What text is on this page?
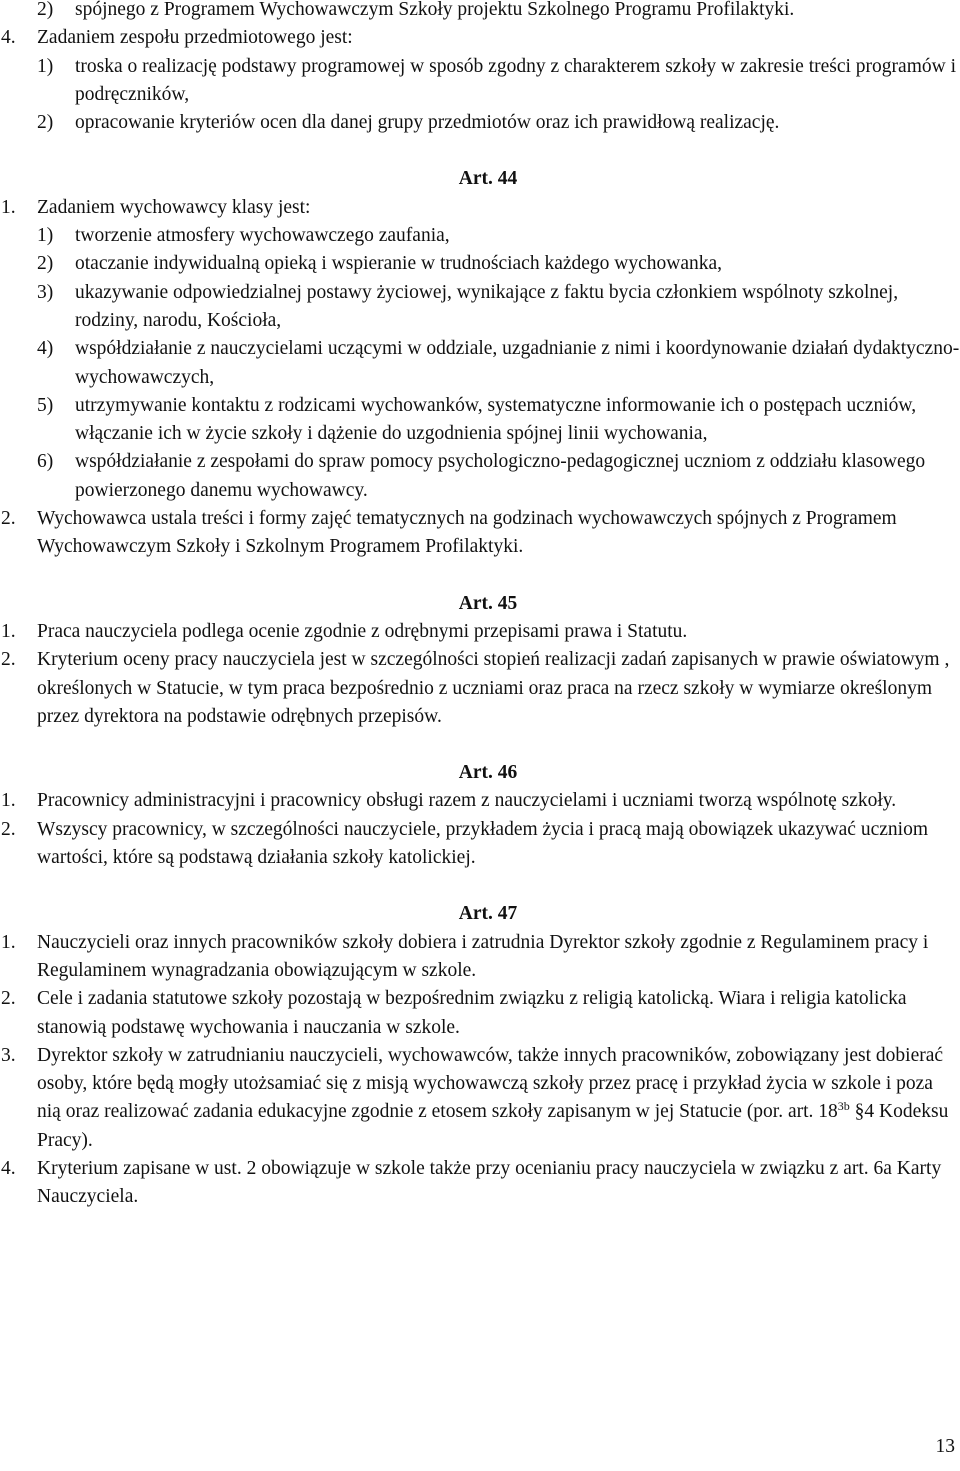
2) spójnego z Programem Wychowawczym Szkoły projektu Szkolnego Programu Profilaktyki.
4. Zadaniem zespołu przedmiotowego jest:
1) troska o realizację podstawy programowej w sposób zgodny z charakterem szkoły w zakresie treści programów i podręczników,
2) opracowanie kryteriów ocen dla danej grupy przedmiotów oraz ich prawidłową realizację.
Art. 44
1. Zadaniem wychowawcy klasy jest:
1) tworzenie atmosfery wychowawczego zaufania,
2) otaczanie indywidualną opieką i wspieranie w trudnościach każdego wychowanka,
3) ukazywanie odpowiedzialnej postawy życiowej, wynikające z faktu bycia członkiem wspólnoty szkolnej, rodziny, narodu, Kościoła,
4) współdziałanie z nauczycielami uczącymi w oddziale, uzgadnianie z nimi i koordynowanie działań dydaktyczno-wychowawczych,
5) utrzymywanie kontaktu z rodzicami wychowanków, systematyczne informowanie ich o postępach uczniów, włączanie ich w życie szkoły i dążenie do uzgodnienia spójnej linii wychowania,
6) współdziałanie z zespołami do spraw pomocy psychologiczno-pedagogicznej uczniom z oddziału klasowego powierzonego danemu wychowawcy.
2. Wychowawca ustala treści i formy zajęć tematycznych na godzinach wychowawczych spójnych z Programem Wychowawczym Szkoły i Szkolnym Programem Profilaktyki.
Art. 45
1. Praca nauczyciela podlega ocenie zgodnie z odrębnymi przepisami prawa i Statutu.
2. Kryterium oceny pracy nauczyciela jest w szczególności stopień realizacji zadań zapisanych w prawie oświatowym , określonych w Statucie, w tym praca bezpośrednio z uczniami oraz praca na rzecz szkoły w wymiarze określonym przez dyrektora na podstawie odrębnych przepisów.
Art. 46
1. Pracownicy administracyjni i pracownicy obsługi razem z nauczycielami i uczniami tworzą wspólnotę szkoły.
2. Wszyscy pracownicy, w szczególności nauczyciele, przykładem życia i pracą mają obowiązek ukazywać uczniom wartości, które są podstawą działania szkoły katolickiej.
Art. 47
1. Nauczycieli oraz innych pracowników szkoły dobiera i zatrudnia Dyrektor szkoły zgodnie z Regulaminem pracy i Regulaminem wynagradzania obowiązującym w szkole.
2. Cele i zadania statutowe szkoły pozostają w bezpośrednim związku z religią katolicką. Wiara i religia katolicka stanowią podstawę wychowania i nauczania w szkole.
3. Dyrektor szkoły w zatrudnianiu nauczycieli, wychowawców, także innych pracowników, zobowiązany jest dobierać osoby, które będą mogły utożsamiać się z misją wychowawczą szkoły przez pracę i przykład życia w szkole i poza nią oraz realizować zadania edukacyjne zgodnie z etosem szkoły zapisanym w jej Statucie (por. art. $18^{3b}$ §4 Kodeksu Pracy).
4. Kryterium zapisane w ust. 2 obowiązuje w szkole także przy ocenianiu pracy nauczyciela w związku z art. 6a Karty Nauczyciela.
13
